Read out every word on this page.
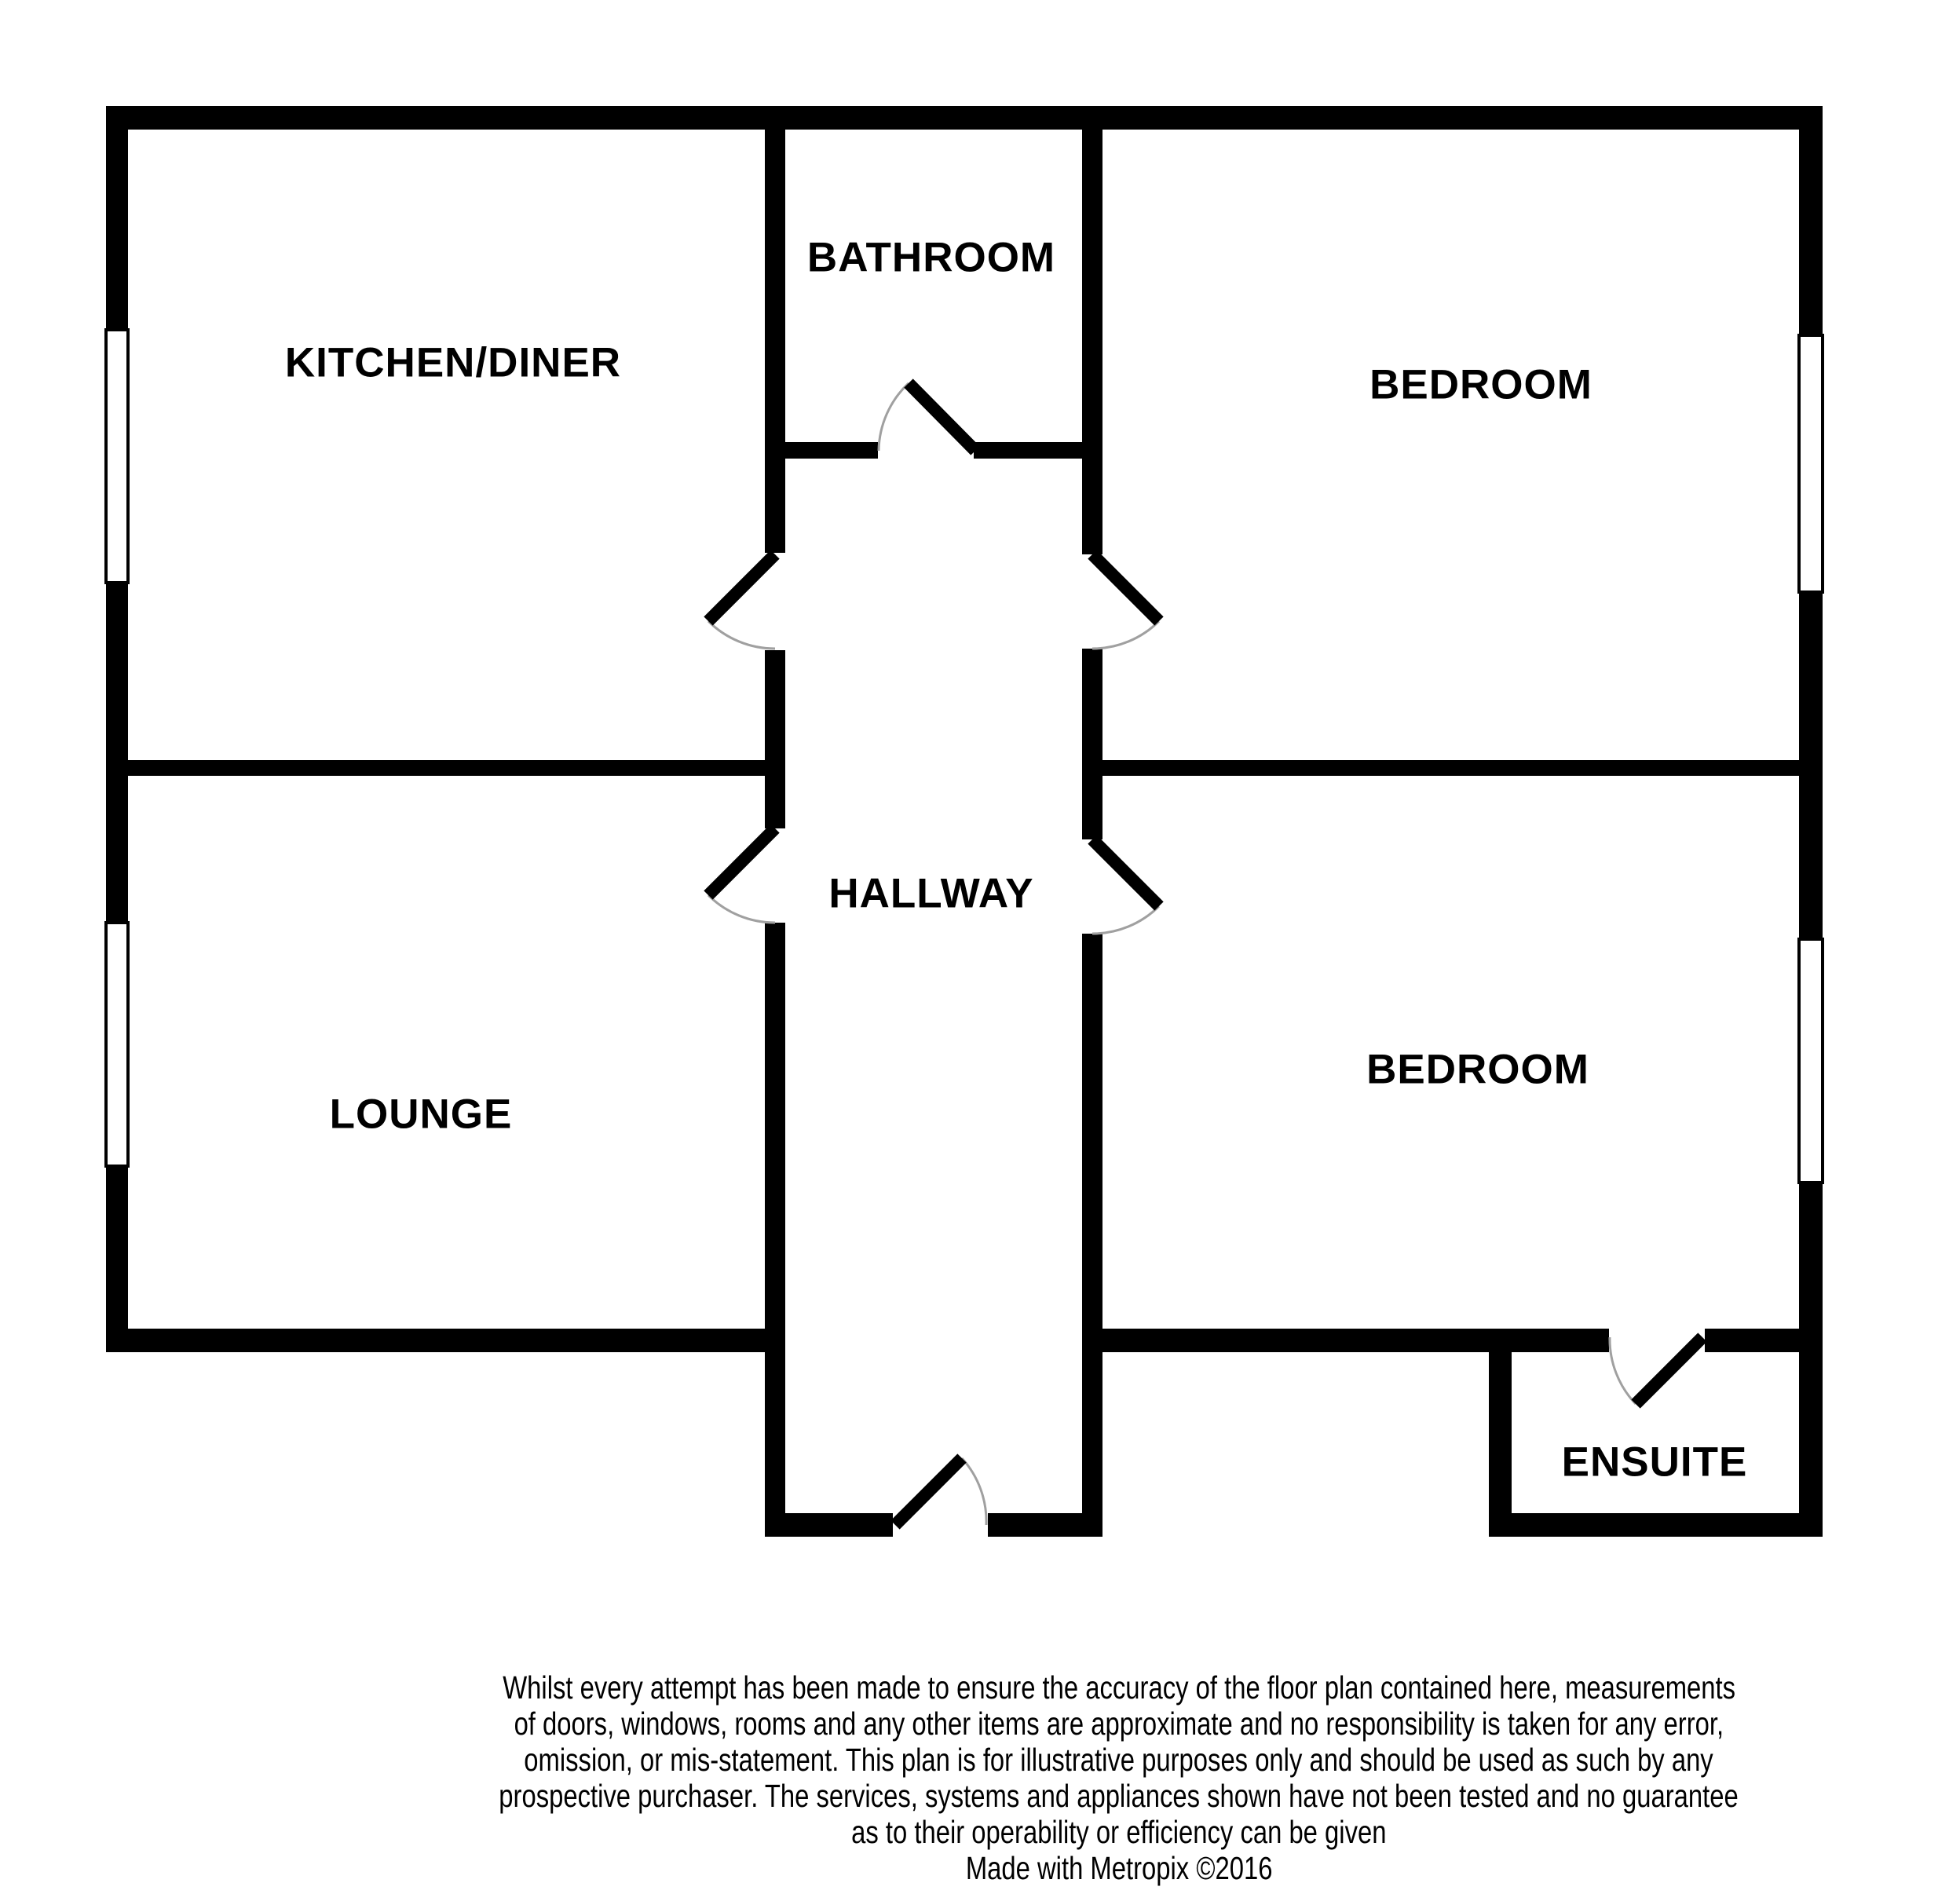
KITCHEN/DINER
BATHROOM
BEDROOM
HALLWAY
LOUNGE
BEDROOM
ENSUITE
Whilst every attempt has been made to ensure the accuracy of the floor plan contained here, measurements
of doors, windows, rooms and any other items are approximate and no responsibility is taken for any error,
omission, or mis-statement. This plan is for illustrative purposes only and should be used as such by any
prospective purchaser. The services, systems and appliances shown have not been tested and no guarantee
as to their operability or efficiency can be given
Made with Metropix ©2016
